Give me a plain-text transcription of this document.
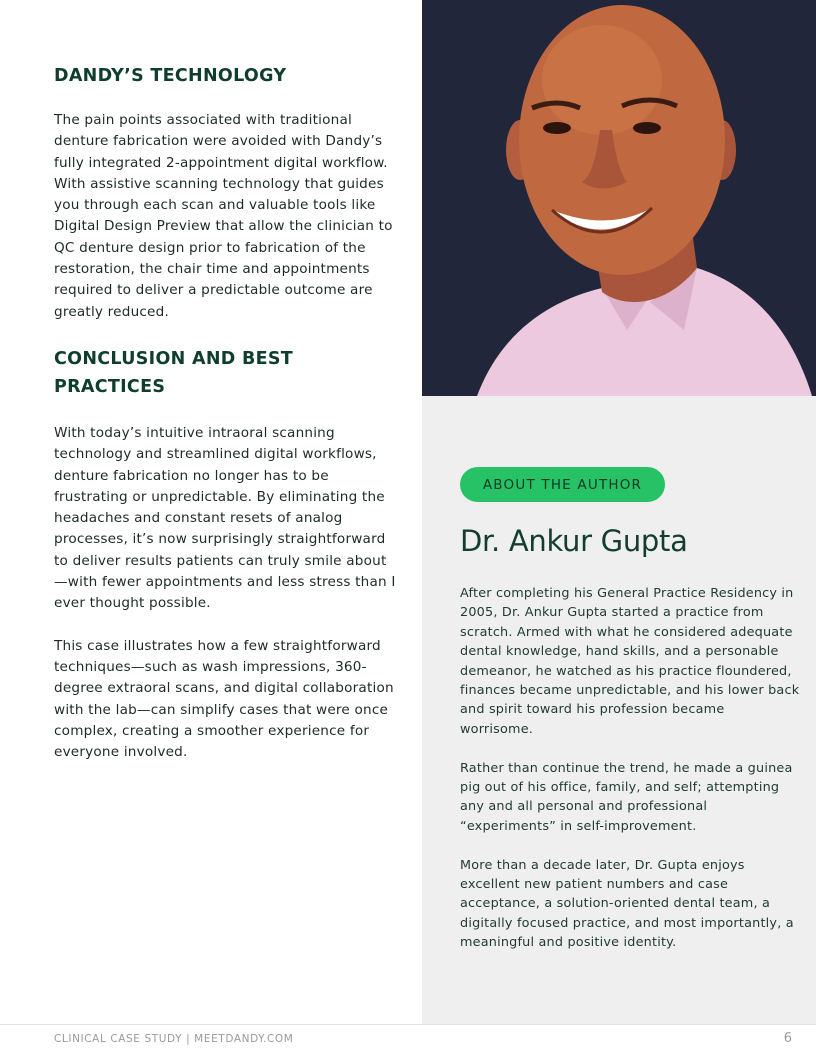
DANDY’S TECHNOLOGY

The pain points associated with traditional denture fabrication were avoided with Dandy’s fully integrated 2-appointment digital workflow. With assistive scanning technology that guides you through each scan and valuable tools like Digital Design Preview that allow the clinician to QC denture design prior to fabrication of the restoration, the chair time and appointments required to deliver a predictable outcome are greatly reduced.

CONCLUSION AND BEST PRACTICES

With today’s intuitive intraoral scanning technology and streamlined digital workflows, denture fabrication no longer has to be frustrating or unpredictable. By eliminating the headaches and constant resets of analog processes, it’s now surprisingly straightforward to deliver results patients can truly smile about—with fewer appointments and less stress than I ever thought possible.

This case illustrates how a few straightforward techniques—such as wash impressions, 360-degree extraoral scans, and digital collaboration with the lab—can simplify cases that were once complex, creating a smoother experience for everyone involved.

ABOUT THE AUTHOR
Dr. Ankur Gupta

After completing his General Practice Residency in 2005, Dr. Ankur Gupta started a practice from scratch. Armed with what he considered adequate dental knowledge, hand skills, and a personable demeanor, he watched as his practice floundered, finances became unpredictable, and his lower back and spirit toward his profession became worrisome.

Rather than continue the trend, he made a guinea pig out of his office, family, and self; attempting any and all personal and professional “experiments” in self-improvement.

More than a decade later, Dr. Gupta enjoys excellent new patient numbers and case acceptance, a solution-oriented dental team, a digitally focused practice, and most importantly, a meaningful and positive identity.

CLINICAL CASE STUDY | MEETDANDY.COM	6
